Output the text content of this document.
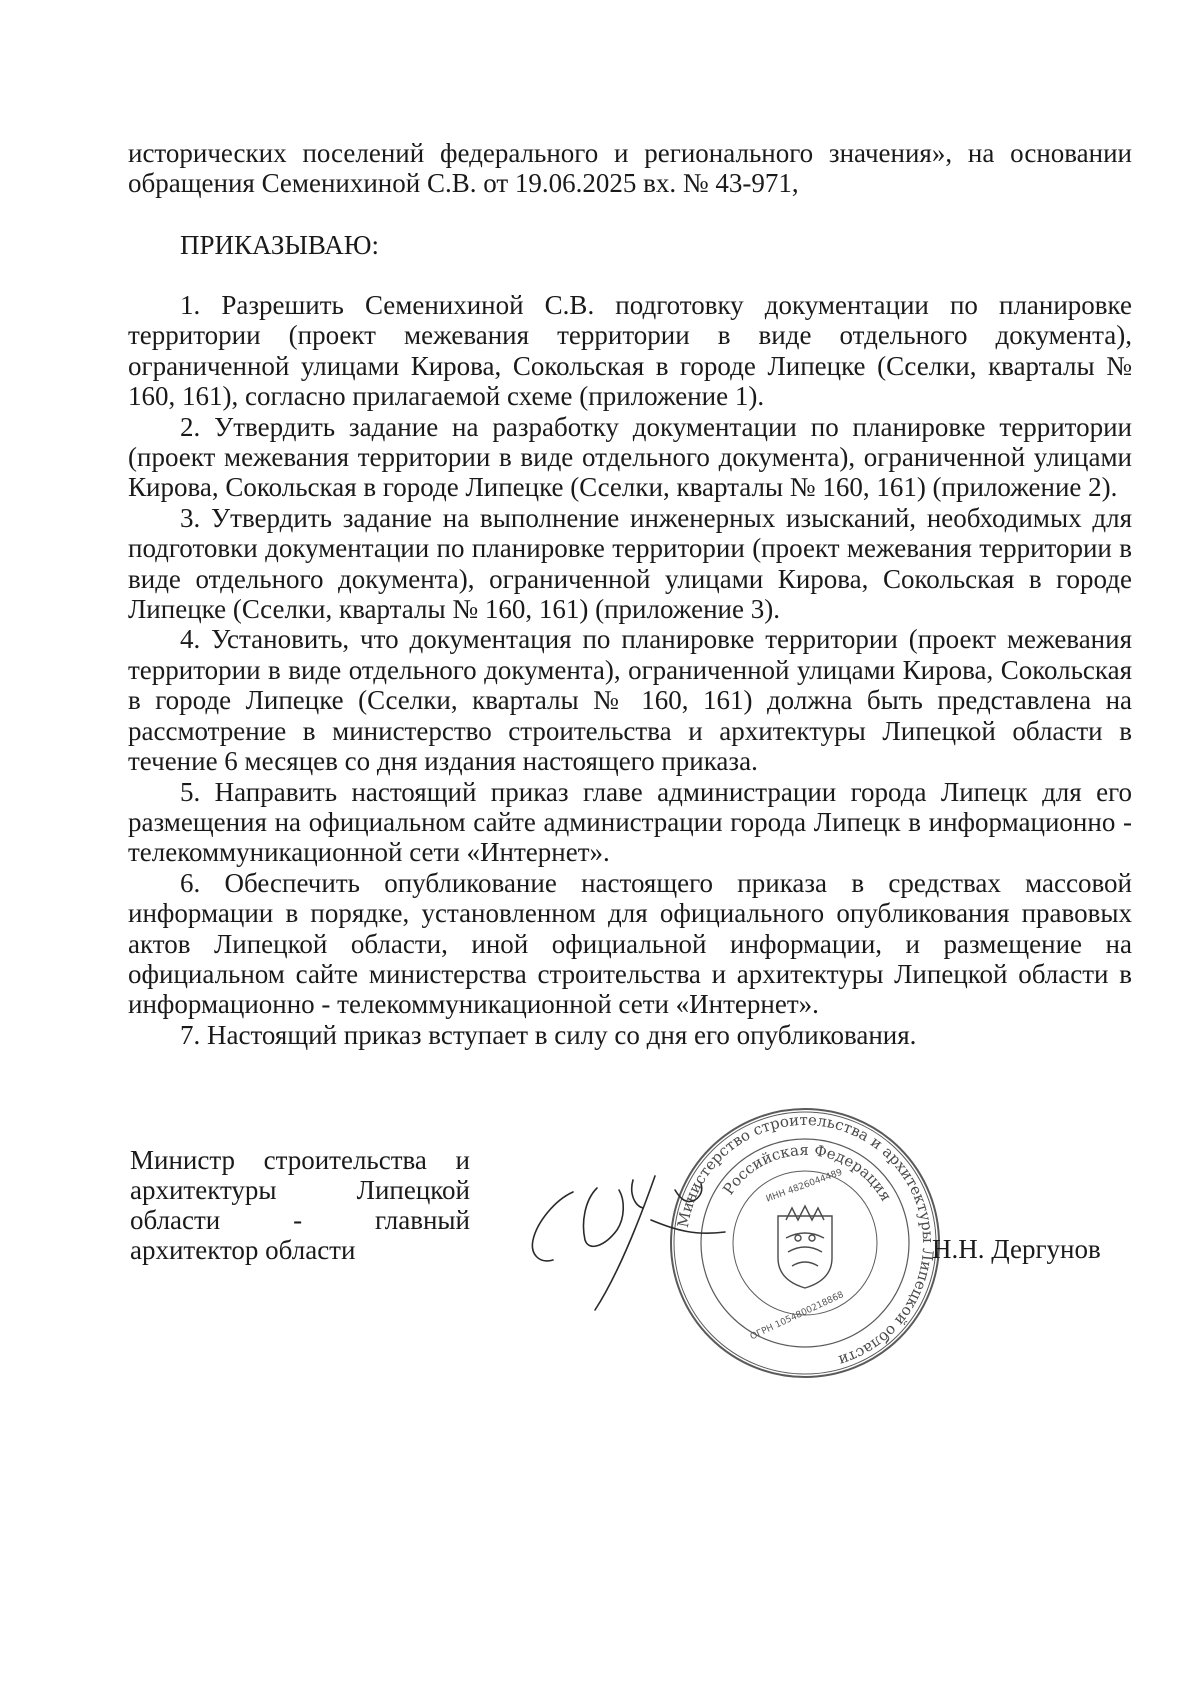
исторических поселений федерального и регионального значения», на основании обращения Семенихиной С.В. от 19.06.2025 вх. № 43-971,

ПРИКАЗЫВАЮ:

1. Разрешить Семенихиной С.В. подготовку документации по планировке территории (проект межевания территории в виде отдельного документа), ограниченной улицами Кирова, Сокольская в городе Липецке (Сселки, кварталы № 160, 161), согласно прилагаемой схеме (приложение 1).

2. Утвердить задание на разработку документации по планировке территории (проект межевания территории в виде отдельного документа), ограниченной улицами Кирова, Сокольская в городе Липецке (Сселки, кварталы № 160, 161) (приложение 2).

3. Утвердить задание на выполнение инженерных изысканий, необходимых для подготовки документации по планировке территории (проект межевания территории в виде отдельного документа), ограниченной улицами Кирова, Сокольская в городе Липецке (Сселки, кварталы № 160, 161) (приложение 3).

4. Установить, что документация по планировке территории (проект межевания территории в виде отдельного документа), ограниченной улицами Кирова, Сокольская в городе Липецке (Сселки, кварталы № 160, 161) должна быть представлена на рассмотрение в министерство строительства и архитектуры Липецкой области в течение 6 месяцев со дня издания настоящего приказа.

5. Направить настоящий приказ главе администрации города Липецк для его размещения на официальном сайте администрации города Липецк в информационно - телекоммуникационной сети «Интернет».

6. Обеспечить опубликование настоящего приказа в средствах массовой информации в порядке, установленном для официального опубликования правовых актов Липецкой области, иной официальной информации, и размещение на официальном сайте министерства строительства и архитектуры Липецкой области в информационно - телекоммуникационной сети «Интернет».

7. Настоящий приказ вступает в силу со дня его опубликования.

Министр строительства и архитектуры Липецкой области - главный архитектор области

Министерство строительства и архитектуры Липецкой области
Российская Федерация
ИНН 4826044489
ОГРН 1054800218868

Н.Н. Дергунов
